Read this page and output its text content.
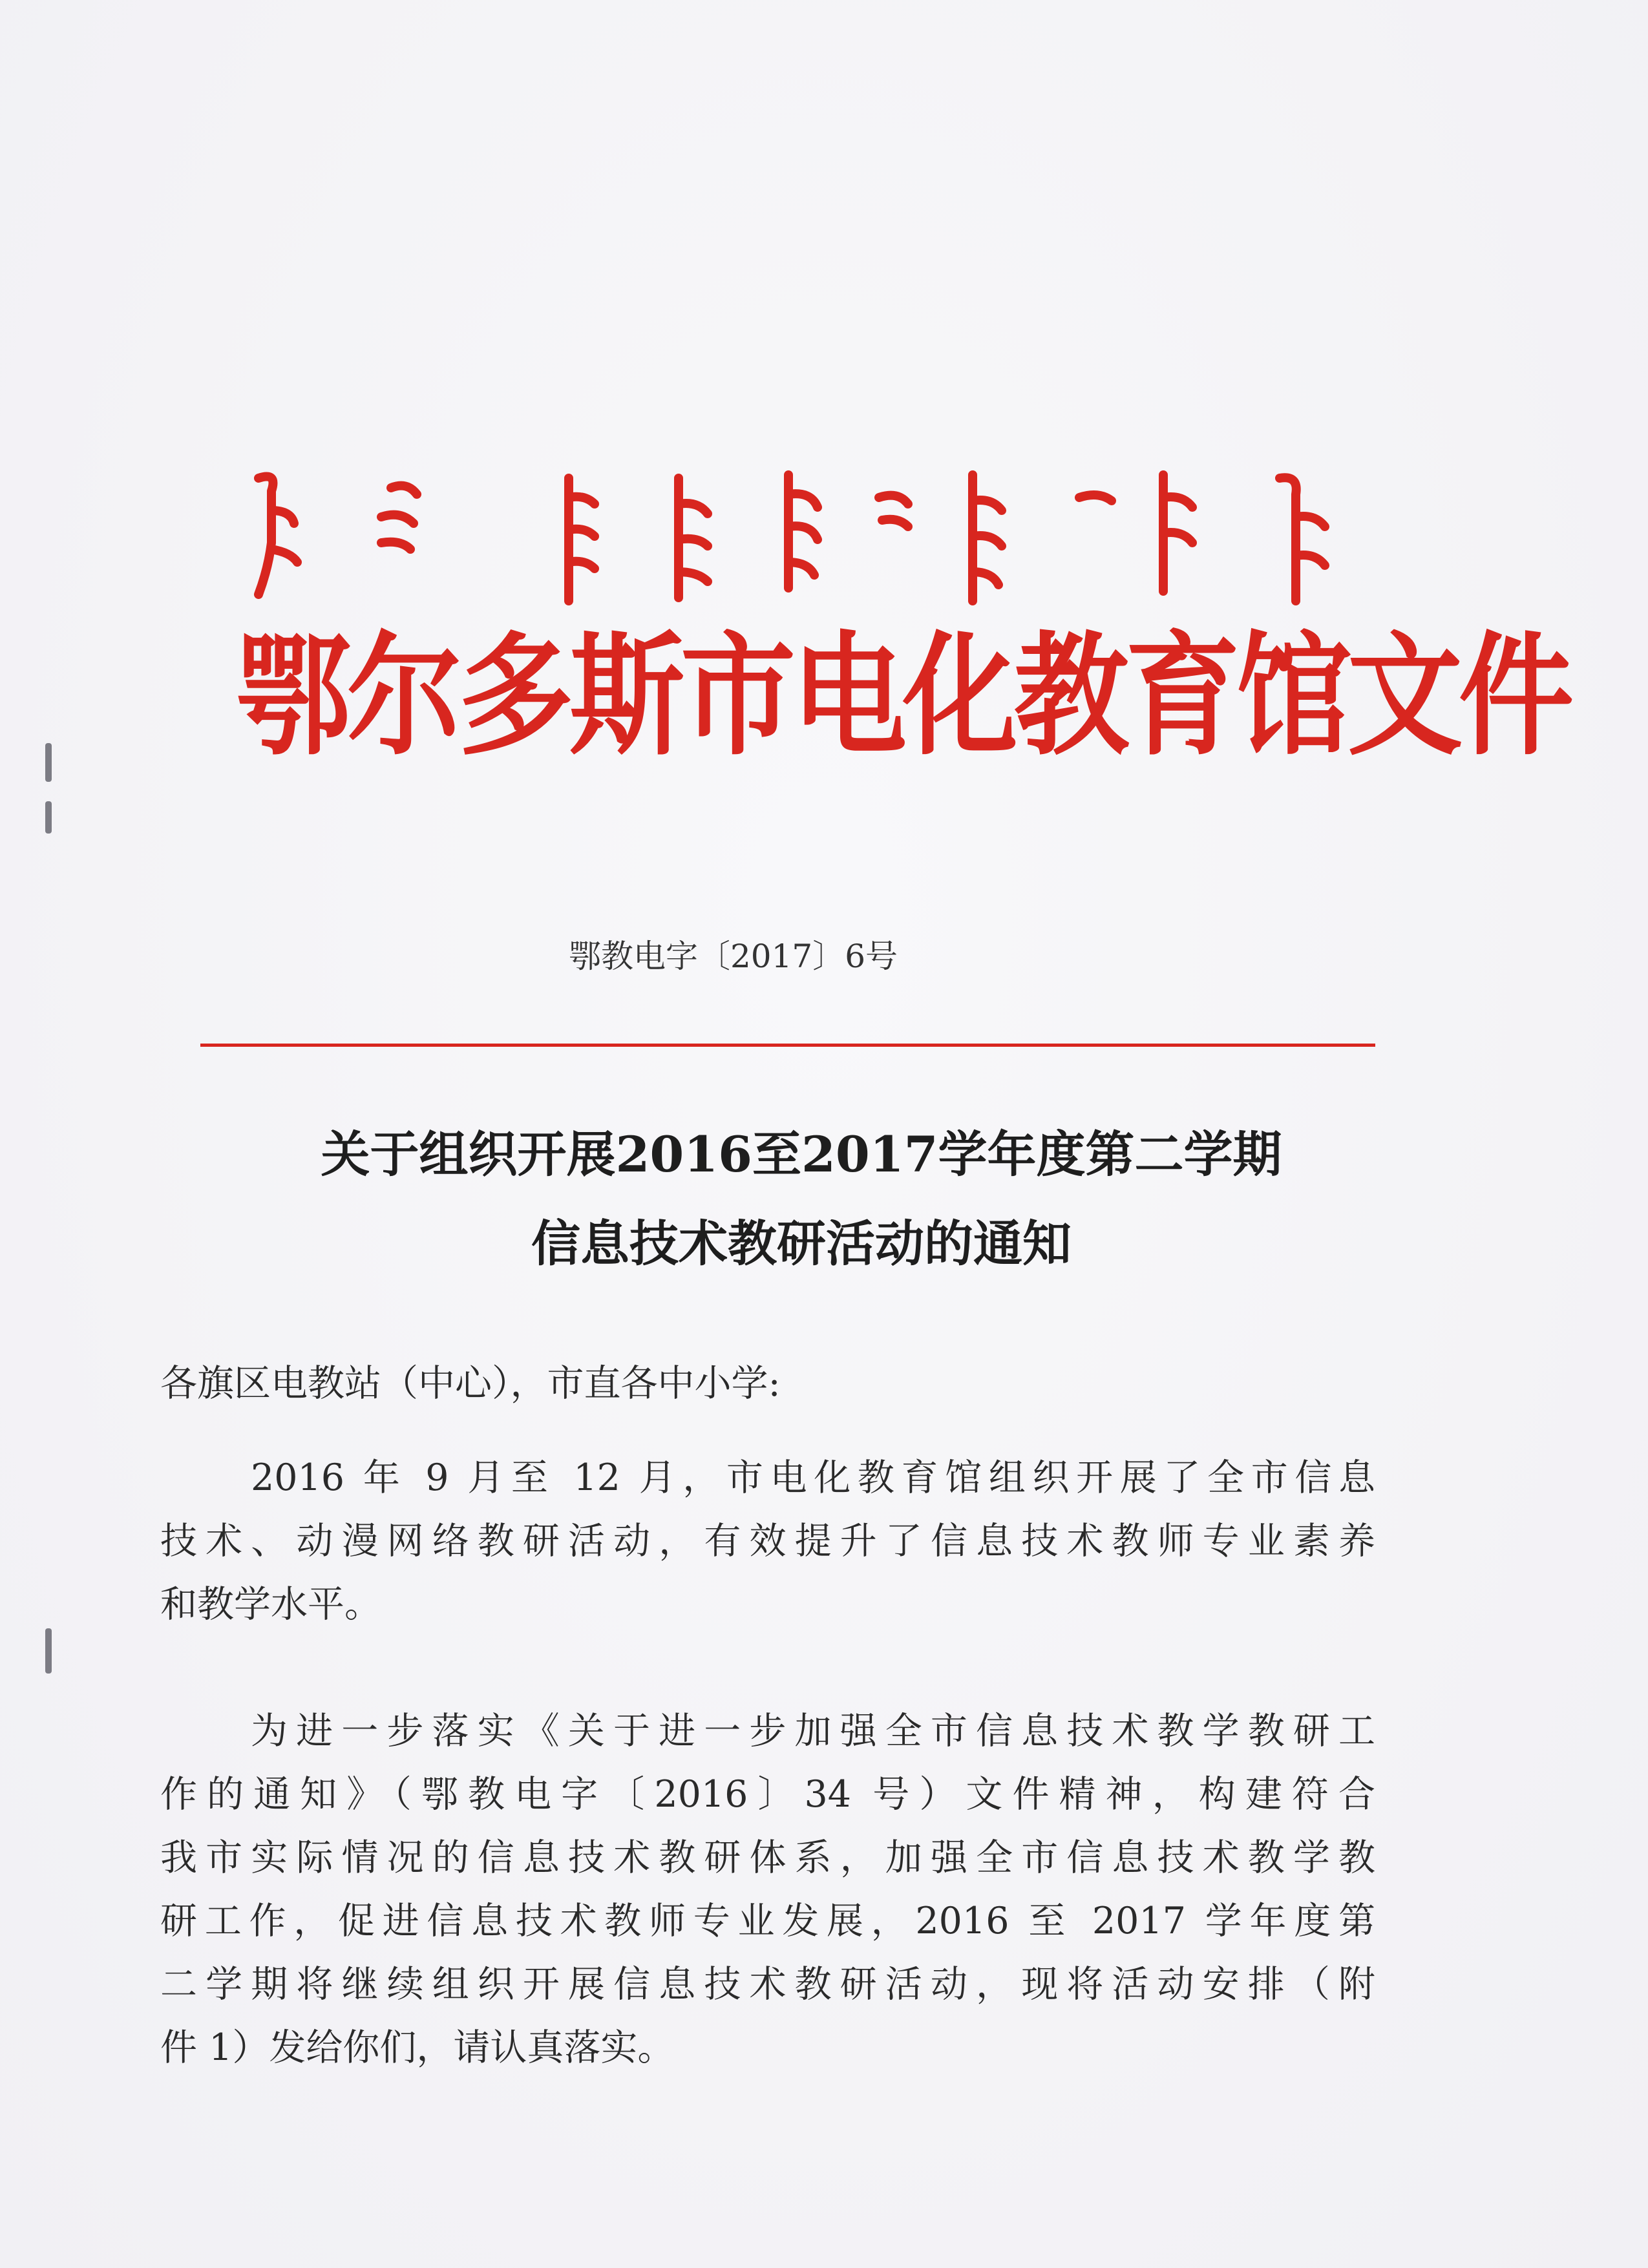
鄂尔多斯市电化教育馆文件
鄂教电字〔2017〕6号
关于组织开展2016至2017学年度第二学期
信息技术教研活动的通知
各旗区电教站（中心），市直各中小学:
2016 年 9 月至 12 月，市电化教育馆组织开展了全市信息
技术、动漫网络教研活动，有效提升了信息技术教师专业素养
和教学水平。
为进一步落实《关于进一步加强全市信息技术教学教研工
作的通知》（鄂教电字〔2016〕34 号）文件精神，构建符合
我市实际情况的信息技术教研体系，加强全市信息技术教学教
研工作，促进信息技术教师专业发展，2016 至 2017 学年度第
二学期将继续组织开展信息技术教研活动，现将活动安排（附
件 1）发给你们，请认真落实。
